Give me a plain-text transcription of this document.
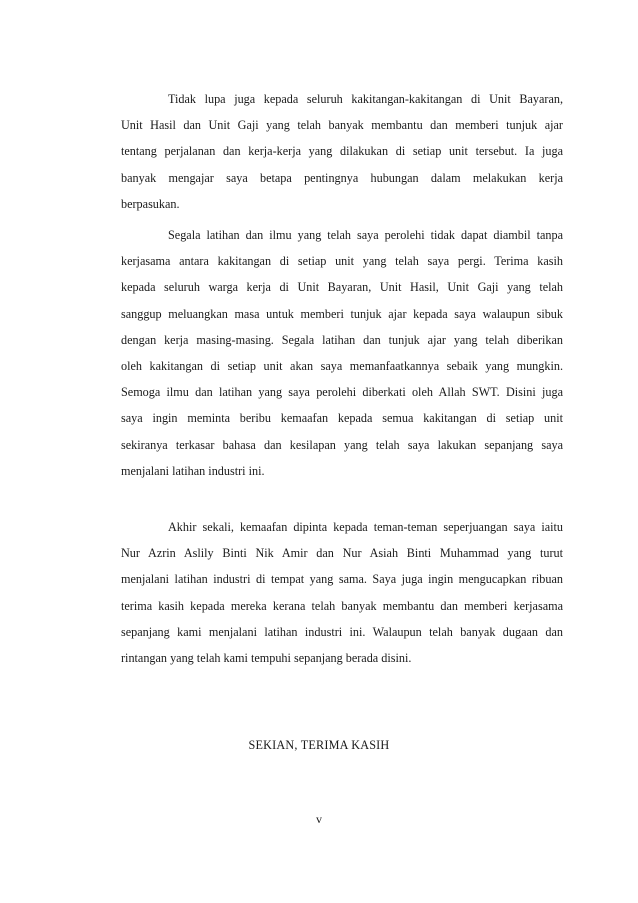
Tidak lupa juga kepada seluruh kakitangan-kakitangan di Unit Bayaran,
Unit Hasil dan Unit Gaji yang telah banyak membantu dan memberi tunjuk ajar
tentang perjalanan dan kerja-kerja yang dilakukan di setiap unit tersebut. Ia juga
banyak mengajar saya betapa pentingnya hubungan dalam melakukan kerja
berpasukan.
Segala latihan dan ilmu yang telah saya perolehi tidak dapat diambil tanpa
kerjasama antara kakitangan di setiap unit yang telah saya pergi. Terima kasih
kepada seluruh warga kerja di Unit Bayaran, Unit Hasil, Unit Gaji yang telah
sanggup meluangkan masa untuk memberi tunjuk ajar kepada saya walaupun sibuk
dengan kerja masing-masing. Segala latihan dan tunjuk ajar yang telah diberikan
oleh kakitangan di setiap unit akan saya memanfaatkannya sebaik yang mungkin.
Semoga ilmu dan latihan yang saya perolehi diberkati oleh Allah SWT. Disini juga
saya ingin meminta beribu kemaafan kepada semua kakitangan di setiap unit
sekiranya terkasar bahasa dan kesilapan yang telah saya lakukan sepanjang saya
menjalani latihan industri ini.
Akhir sekali, kemaafan dipinta kepada teman-teman seperjuangan saya iaitu
Nur Azrin Aslily Binti Nik Amir dan Nur Asiah Binti Muhammad yang turut
menjalani latihan industri di tempat yang sama. Saya juga ingin mengucapkan ribuan
terima kasih kepada mereka kerana telah banyak membantu dan memberi kerjasama
sepanjang kami menjalani latihan industri ini. Walaupun telah banyak dugaan dan
rintangan yang telah kami tempuhi sepanjang berada disini.
SEKIAN, TERIMA KASIH
v
